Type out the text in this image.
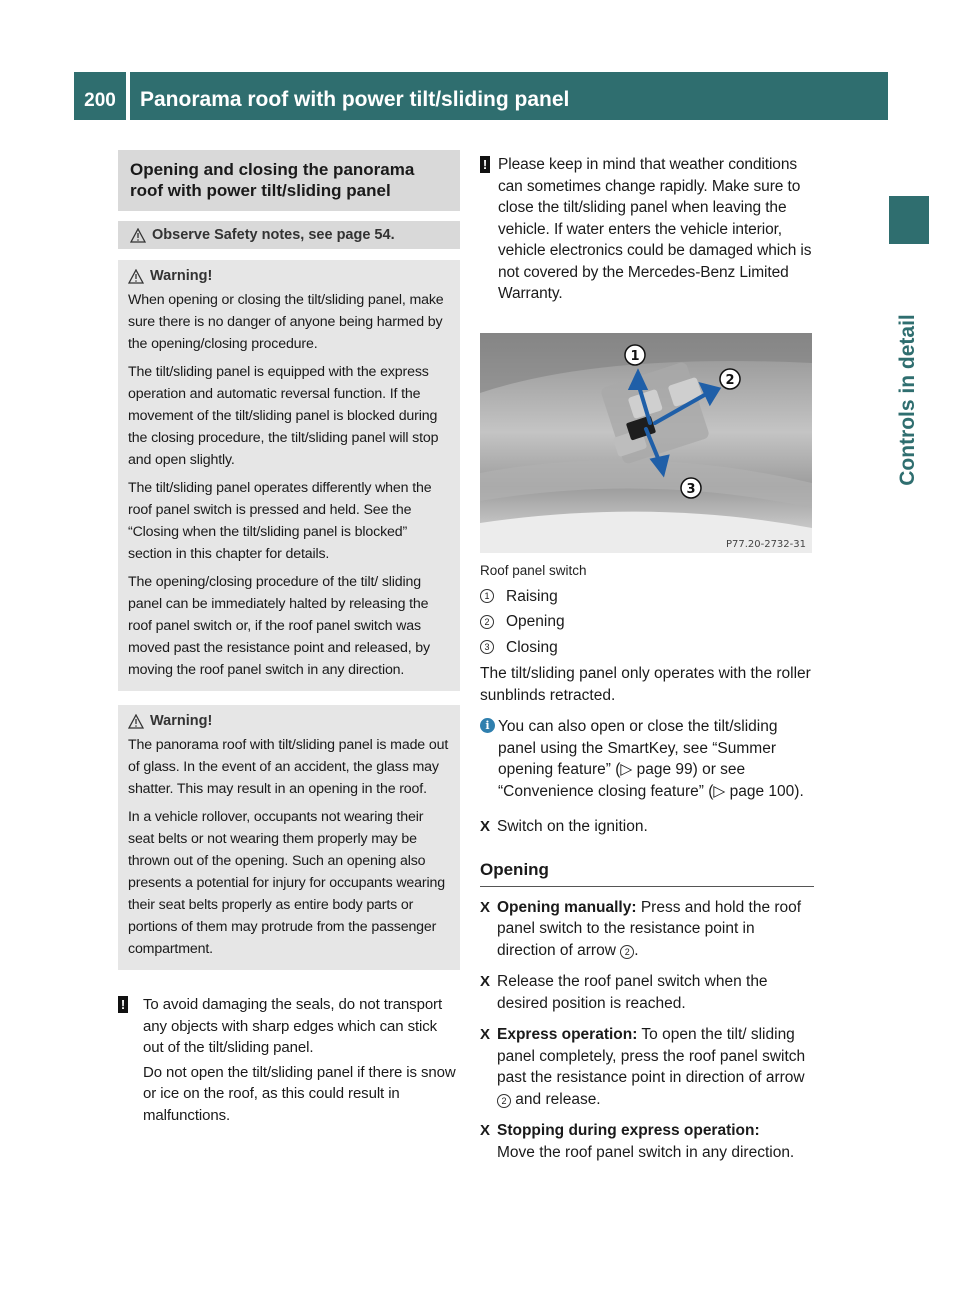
200 Panorama roof with power tilt/sliding panel
Controls in detail
Opening and closing the panorama roof with power tilt/sliding panel
Observe Safety notes, see page 54.
Warning!

When opening or closing the tilt/sliding panel, make sure there is no danger of anyone being harmed by the opening/closing procedure.

The tilt/sliding panel is equipped with the express operation and automatic reversal function. If the movement of the tilt/sliding panel is blocked during the closing procedure, the tilt/sliding panel will stop and open slightly.

The tilt/sliding panel operates differently when the roof panel switch is pressed and held. See the “Closing when the tilt/sliding panel is blocked” section in this chapter for details.

The opening/closing procedure of the tilt/ sliding panel can be immediately halted by releasing the roof panel switch or, if the roof panel switch was moved past the resistance point and released, by moving the roof panel switch in any direction.

Warning!

The panorama roof with tilt/sliding panel is made out of glass. In the event of an accident, the glass may shatter. This may result in an opening in the roof.

In a vehicle rollover, occupants not wearing their seat belts or not wearing them properly may be thrown out of the opening. Such an opening also presents a potential for injury for occupants wearing their seat belts properly as entire body parts or portions of them may protrude from the passenger compartment.

! To avoid damaging the seals, do not transport any objects with sharp edges which can stick out of the tilt/sliding panel.

Do not open the tilt/sliding panel if there is snow or ice on the roof, as this could result in malfunctions.

! Please keep in mind that weather conditions can sometimes change rapidly. Make sure to close the tilt/sliding panel when leaving the vehicle. If water enters the vehicle interior, vehicle electronics could be damaged which is not covered by the Mercedes-Benz Limited Warranty.

1
2
3
P77.20-2732-31
Roof panel switch
1 Raising
2 Opening
3 Closing
The tilt/sliding panel only operates with the roller sunblinds retracted.
i You can also open or close the tilt/sliding panel using the SmartKey, see “Summer opening feature” (▷ page 99) or see “Convenience closing feature” (▷ page 100).
X Switch on the ignition.
Opening
X Opening manually: Press and hold the roof panel switch to the resistance point in direction of arrow 2 .
X Release the roof panel switch when the desired position is reached.
X Express operation: To open the tilt/ sliding panel completely, press the roof panel switch past the resistance point in direction of arrow 2 and release.
X Stopping during express operation:
Move the roof panel switch in any direction.
